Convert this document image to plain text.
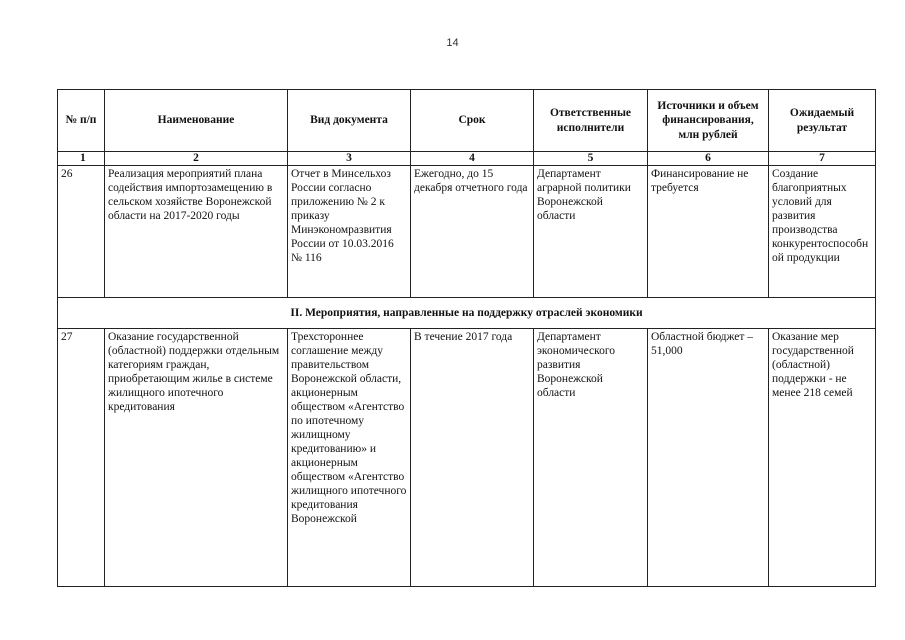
14
№ п/п	Наименование	Вид документа	Срок	Ответственные исполнители	Источники и объем финансирования, млн рублей	Ожидаемый результат
1	2	3	4	5	6	7
26	Реализация мероприятий плана содействия импортозамещению в сельском хозяйстве Воронежской области на 2017-2020 годы	Отчет в Минсельхоз России согласно приложению № 2 к приказу Минэкономразвития России от 10.03.2016 № 116	Ежегодно, до 15 декабря отчетного года	Департамент аграрной политики Воронежской области	Финансирование не требуется	Создание благоприятных условий для развития производства конкурентоспособной продукции
II. Мероприятия, направленные на поддержку отраслей экономики						
27	Оказание государственной (областной) поддержки отдельным категориям граждан, приобретающим жилье в системе жилищного ипотечного кредитования	Трехстороннее соглашение между правительством Воронежской области, акционерным обществом «Агентство по ипотечному жилищному кредитованию» и акционерным обществом «Агентство жилищного ипотечного кредитования Воронежской	В течение 2017 года	Департамент экономического развития Воронежской области	Областной бюджет – 51,000	Оказание мер государственной (областной) поддержки - не менее 218 семей
